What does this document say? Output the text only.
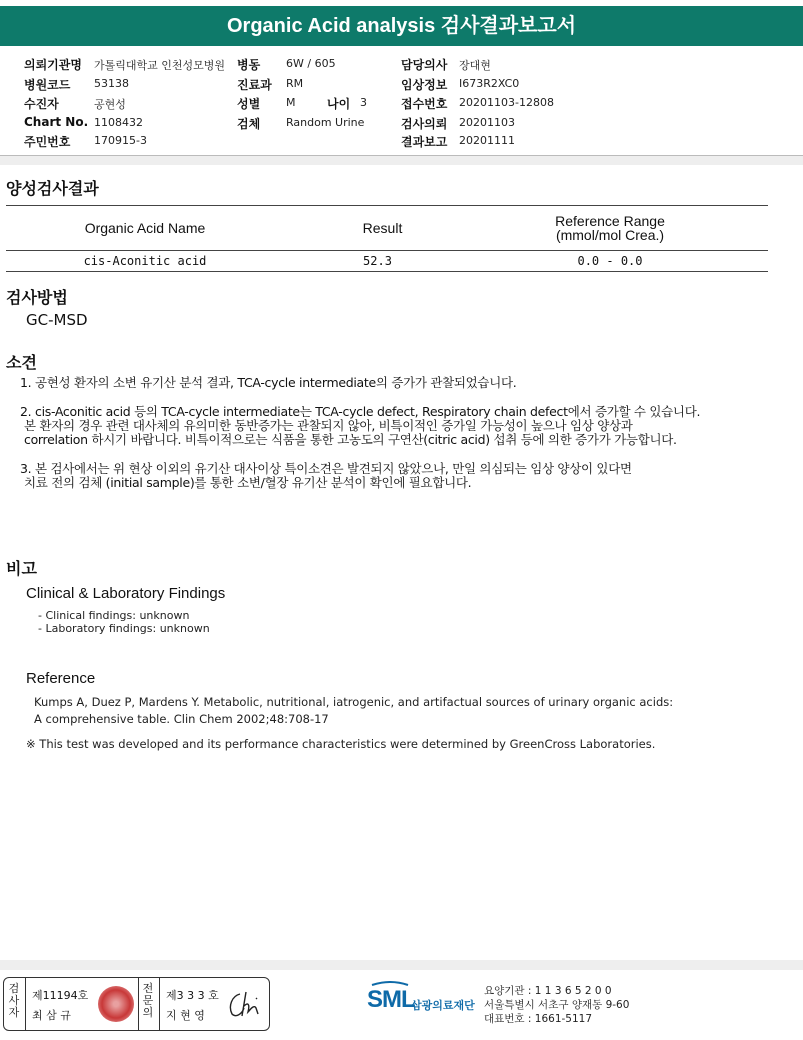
Organic Acid analysis 검사결과보고서
의뢰기관명 가톨릭대학교 인천성모병원
병원코드 53138
수진자	공현성
Chart No. 1108432
주민번호 170915-3
병동 6W / 605
진료과 RM
성별 M	나이 3
검체 Random Urine
담당의사 장대현
임상정보 I673R2XC0
접수번호 20201103-12808
검사의뢰 20201103
결과보고 20201111
양성검사결과
Organic Acid Name	Result	Reference Range
(mmol/mol Crea.)
cis-Aconitic acid	52.3	0.0 - 0.0
검사방법
GC-MSD
소견
1. 공현성 환자의 소변 유기산 분석 결과, TCA-cycle intermediate의 증가가 관찰되었습니다.
2. cis-Aconitic acid 등의 TCA-cycle intermediate는 TCA-cycle defect, Respiratory chain defect에서 증가할 수 있습니다.
본 환자의 경우 관련 대사체의 유의미한 동반증가는 관찰되지 않아, 비특이적인 증가일 가능성이 높으나 임상 양상과
correlation 하시기 바랍니다. 비특이적으로는 식품을 통한 고농도의 구연산(citric acid) 섭취 등에 의한 증가가 가능합니다.
3. 본 검사에서는 위 현상 이외의 유기산 대사이상 특이소견은 발견되지 않았으나, 만일 의심되는 임상 양상이 있다면
치료 전의 검체 (initial sample)를 통한 소변/혈장 유기산 분석이 확인에 필요합니다.
비고
Clinical & Laboratory Findings
- Clinical findings: unknown
- Laboratory findings: unknown
Reference
Kumps A, Duez P, Mardens Y. Metabolic, nutritional, iatrogenic, and artifactual sources of urinary organic acids:
A comprehensive table. Clin Chem 2002;48:708-17
※ This test was developed and its performance characteristics were determined by GreenCross Laboratories.
검사자
제11194호
최 삼 규
전문의
제3 3 3 호
지 현 영
SML
삼광의료재단
요양기관 : 1 1 3 6 5 2 0 0
서울특별시 서초구 양재동 9-60
대표번호 : 1661-5117
